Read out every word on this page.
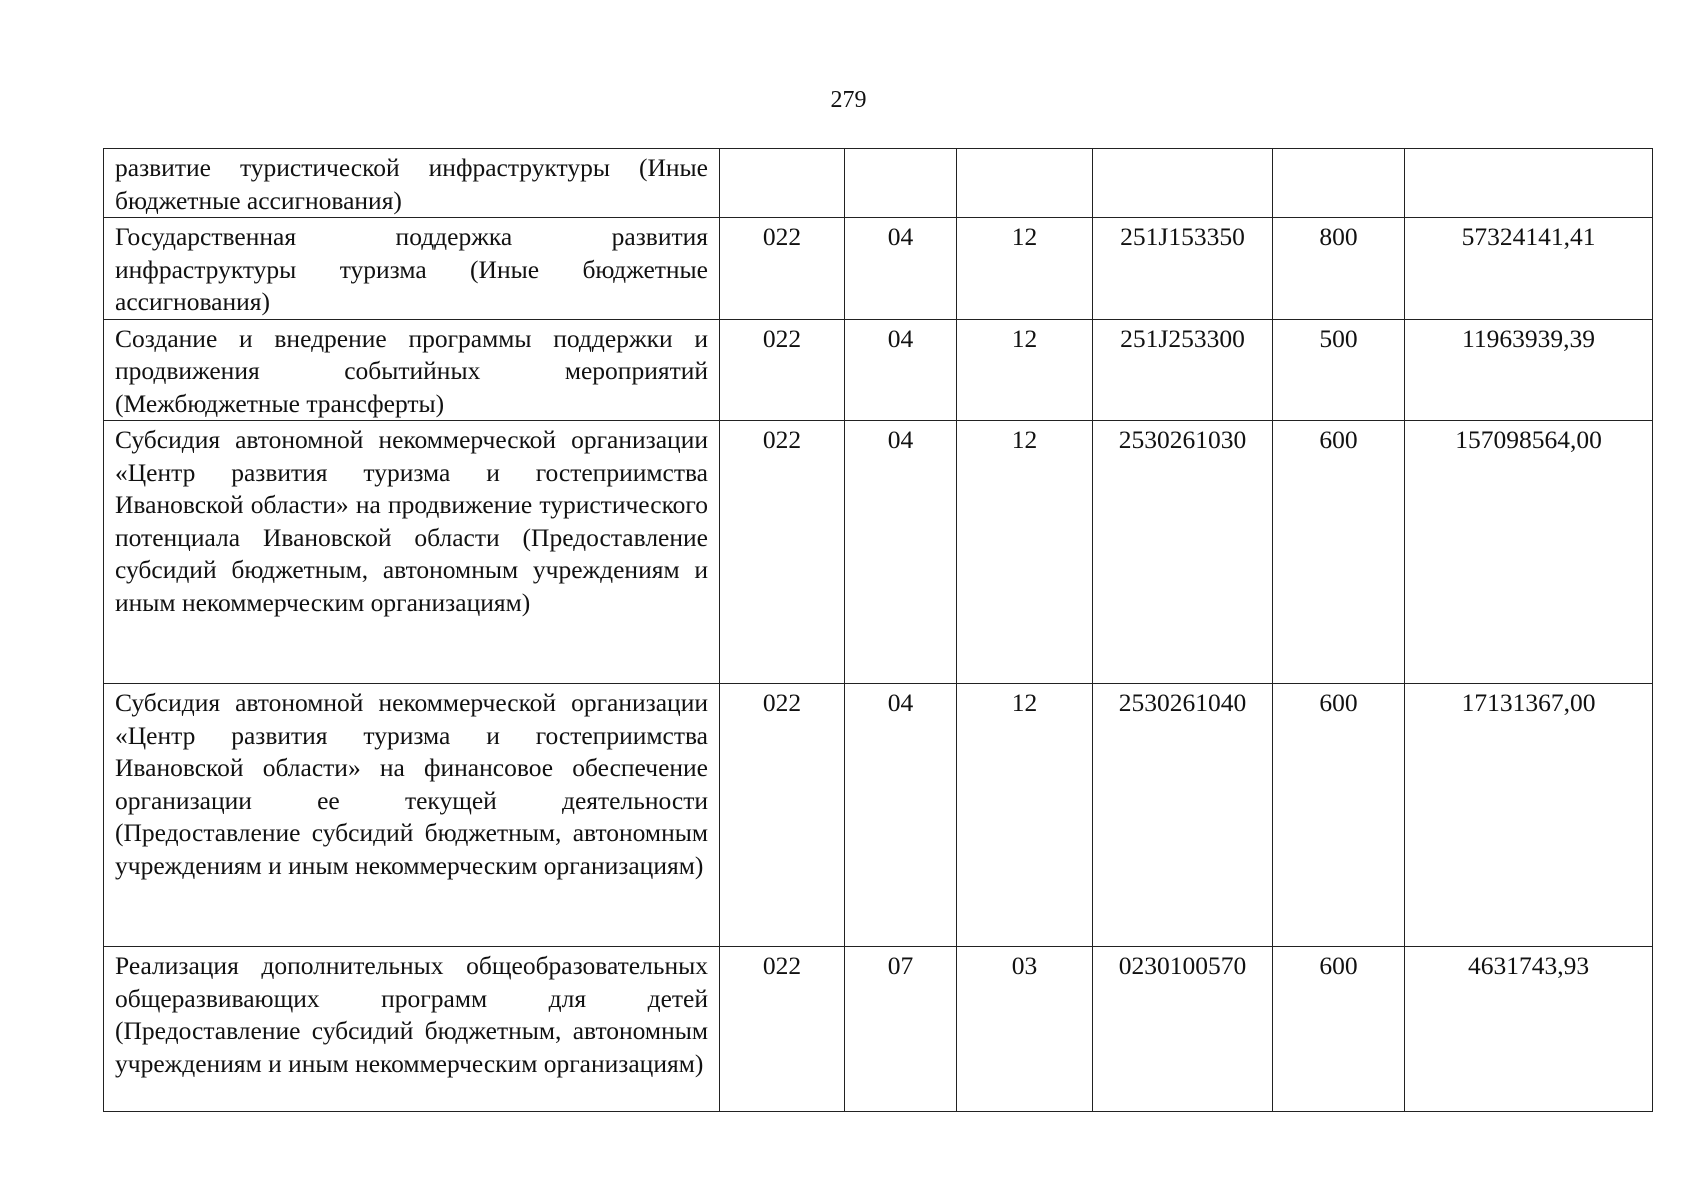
279
развитие туристической инфраструктуры (Иные бюджетные ассигнования)						
Государственная поддержка развития инфраструктуры туризма (Иные бюджетные ассигнования)	022	04	12	251J153350	800	57324141,41
Создание и внедрение программы поддержки и продвижения событийных мероприятий (Межбюджетные трансферты)	022	04	12	251J253300	500	11963939,39
Субсидия автономной некоммерческой организации «Центр развития туризма и гостеприимства Ивановской области» на продвижение туристического потенциала Ивановской области (Предоставление субсидий бюджетным, автономным учреждениям и иным некоммерческим организациям)	022	04	12	2530261030	600	157098564,00
Субсидия автономной некоммерческой организации «Центр развития туризма и гостеприимства Ивановской области» на финансовое обеспечение организации ее текущей деятельности (Предоставление субсидий бюджетным, автономным учреждениям и иным некоммерческим организациям)	022	04	12	2530261040	600	17131367,00
Реализация дополнительных общеобразовательных общеразвивающих программ для детей (Предоставление субсидий бюджетным, автономным учреждениям и иным некоммерческим организациям)	022	07	03	0230100570	600	4631743,93
